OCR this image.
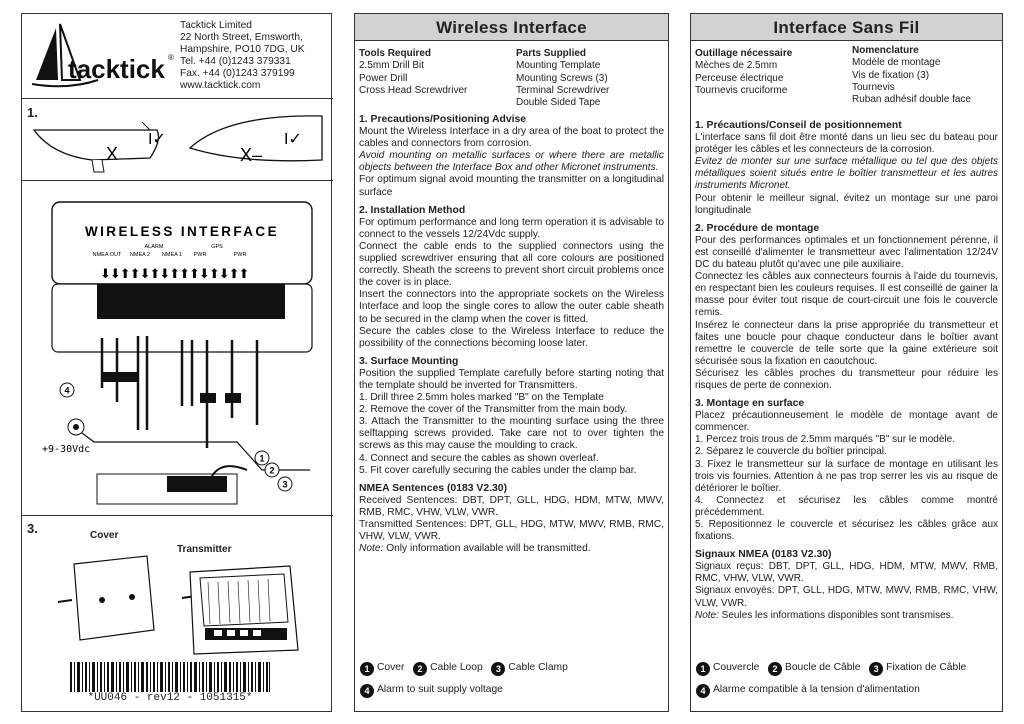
tacktick ®
Tacktick Limited
22 North Street, Emsworth,
Hampshire, PO10 7DG, UK
Tel. +44 (0)1243 379331
Fax. +44 (0)1243 379199
www.tacktick.com
1.
X
I✓
X–
I✓
WIRELESS INTERFACE
ALARM	GPS
NMEA OUT NMEA 2 NMEA 1 PWR	PWR
⬇⬇⬆⬆⬇⬆⬇⬆⬆⬆⬇⬆⬇⬆⬆
+9-30Vdc
4
1
2
3
3.	Cover
Transmitter
*UU046 - rev12 - 1051315*
Wireless Interface
Tools Required
2.5mm Drill Bit
Power Drill
Cross Head Screwdriver
Parts Supplied
Mounting Template
Mounting Screws (3)
Terminal Screwdriver
Double Sided Tape
1. Precautions/Positioning Advise

Mount the Wireless Interface in a dry area of the boat to protect the cables and connectors from corrosion.

Avoid mounting on metallic surfaces or where there are metallic objects between the Interface Box and other Micronet instruments.

For optimum signal avoid mounting the transmitter on a longitudinal surface

2. Installation Method

For optimum performance and long term operation it is advisable to connect to the vessels 12/24Vdc supply.

Connect the cable ends to the supplied connectors using the supplied screwdriver ensuring that all core colours are positioned correctly. Sheath the screens to prevent short circuit problems once the cover is in place.

Insert the connectors into the appropriate sockets on the Wireless Interface and loop the single cores to allow the outer cable sheath to be secured in the clamp when the cover is fitted.

Secure the cables close to the Wireless Interface to reduce the possibility of the connections becoming loose later.

3. Surface Mounting

Position the supplied Template carefully before starting noting that the template should be inverted for Transmitters.

1. Drill three 2.5mm holes marked "B" on the Template

2. Remove the cover of the Transmitter from the main body.

3. Attach the Transmitter to the mounting surface using the three selftapping screws provided. Take care not to over tighten the screws as this may cause the moulding to crack.

4. Connect and secure the cables as shown overleaf.

5. Fit cover carefully securing the cables under the clamp bar.

NMEA Sentences (0183 V2.30)

Received Sentences: DBT, DPT, GLL, HDG, HDM, MTW, MWV, RMB, RMC, VHW, VLW, VWR.

Transmitted Sentences: DPT, GLL, HDG, MTW, MWV, RMB, RMC, VHW, VLW, VWR.

Note: Only information available will be transmitted.

1 Cover 2 Cable Loop 3 Cable Clamp
4 Alarm to suit supply voltage
Interface Sans Fil
Outillage nécessaire
Mèches de 2.5mm
Perceuse électrique
Tournevis cruciforme
Nomenclature
Modèle de montage
Vis de fixation (3)
Tournevis
Ruban adhésif double face
1. Précautions/Conseil de positionnement

L'interface sans fil doit être monté dans un lieu sec du bateau pour protéger les câbles et les connecteurs de la corrosion.

Evitez de monter sur une surface métallique ou tel que des objets métalliques soient situés entre le boîtier transmetteur et les autres instruments Micronet.

Pour obtenir le meilleur signal, évitez un montage sur une paroi longitudinale

2. Procédure de montage

Pour des performances optimales et un fonctionnement pérenne, il est conseillé d'alimenter le transmetteur avec l'alimentation 12/24V DC du bateau plutôt qu'avec une pile auxiliaire.

Connectez les câbles aux connecteurs fournis à l'aide du tournevis, en respectant bien les couleurs requises. Il est conseillé de gainer la masse pour éviter tout risque de court-circuit une fois le couvercle remis.

Insérez le connecteur dans la prise appropriée du transmetteur et faites une boucle pour chaque conducteur dans le boîtier avant remettre le couvercle de telle sorte que la gaine extérieure soit sécurisée sous la fixation en caoutchouc.

Sécurisez les câbles proches du transmetteur pour réduire les risques de perte de connexion.

3. Montage en surface

Placez précautionneusement le modèle de montage avant de commencer.

1. Percez trois trous de 2.5mm marqués "B" sur le modèle.

2. Séparez le couvercle du boîtier principal.

3. Fixez le transmetteur sur la surface de montage en utilisant les trois vis fournies. Attention à ne pas trop serrer les vis au risque de détériorer le boîtier.

4. Connectez et sécurisez les câbles comme montré précédemment.

5. Repositionnez le couvercle et sécurisez les câbles grâce aux fixations.

Signaux NMEA (0183 V2.30)

Signaux reçus: DBT, DPT, GLL, HDG, HDM, MTW, MWV, RMB, RMC, VHW, VLW, VWR.

Signaux envoyés: DPT, GLL, HDG, MTW, MWV, RMB, RMC, VHW, VLW, VWR.

Note: Seules les informations disponibles sont transmises.

1 Couvercle 2 Boucle de Câble 3 Fixation de Câble
4 Alarme compatible à la tension d'alimentation
